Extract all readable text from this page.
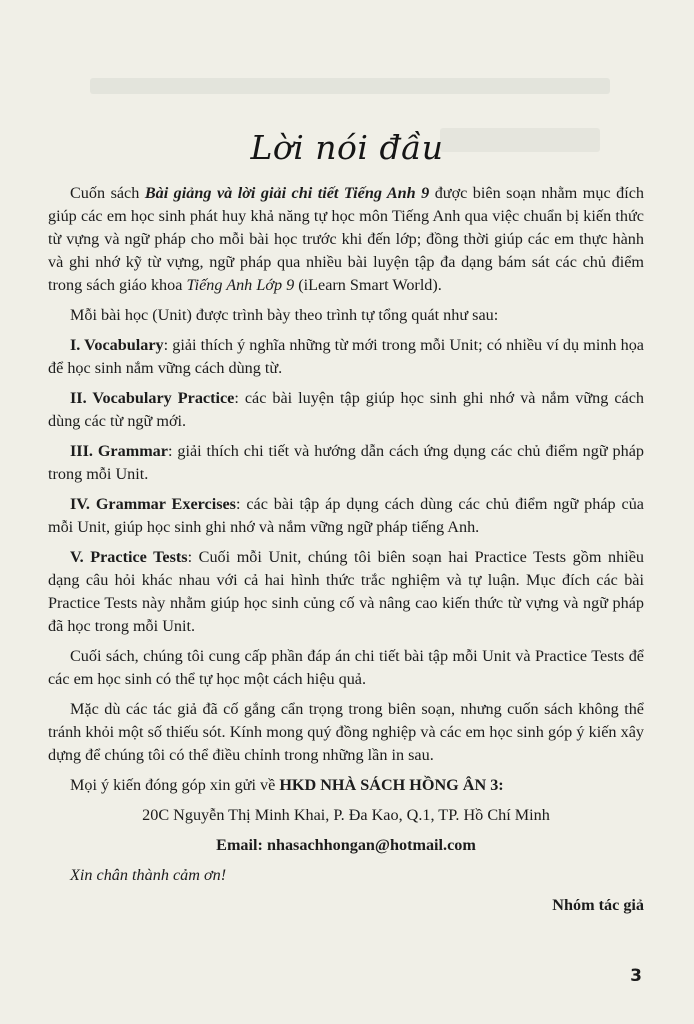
Lời nói đầu

Cuốn sách Bài giảng và lời giải chi tiết Tiếng Anh 9 được biên soạn nhằm mục đích giúp các em học sinh phát huy khả năng tự học môn Tiếng Anh qua việc chuẩn bị kiến thức từ vựng và ngữ pháp cho mỗi bài học trước khi đến lớp; đồng thời giúp các em thực hành và ghi nhớ kỹ từ vựng, ngữ pháp qua nhiều bài luyện tập đa dạng bám sát các chủ điểm trong sách giáo khoa Tiếng Anh Lớp 9 (iLearn Smart World).

Mỗi bài học (Unit) được trình bày theo trình tự tổng quát như sau:

I. Vocabulary: giải thích ý nghĩa những từ mới trong mỗi Unit; có nhiều ví dụ minh họa để học sinh nắm vững cách dùng từ.

II. Vocabulary Practice: các bài luyện tập giúp học sinh ghi nhớ và nắm vững cách dùng các từ ngữ mới.

III. Grammar: giải thích chi tiết và hướng dẫn cách ứng dụng các chủ điểm ngữ pháp trong mỗi Unit.

IV. Grammar Exercises: các bài tập áp dụng cách dùng các chủ điểm ngữ pháp của mỗi Unit, giúp học sinh ghi nhớ và nắm vững ngữ pháp tiếng Anh.

V. Practice Tests: Cuối mỗi Unit, chúng tôi biên soạn hai Practice Tests gồm nhiều dạng câu hỏi khác nhau với cả hai hình thức trắc nghiệm và tự luận. Mục đích các bài Practice Tests này nhằm giúp học sinh củng cố và nâng cao kiến thức từ vựng và ngữ pháp đã học trong mỗi Unit.

Cuối sách, chúng tôi cung cấp phần đáp án chi tiết bài tập mỗi Unit và Practice Tests để các em học sinh có thể tự học một cách hiệu quả.

Mặc dù các tác giả đã cố gắng cẩn trọng trong biên soạn, nhưng cuốn sách không thể tránh khỏi một số thiếu sót. Kính mong quý đồng nghiệp và các em học sinh góp ý kiến xây dựng để chúng tôi có thể điều chỉnh trong những lần in sau.

Mọi ý kiến đóng góp xin gửi về HKD NHÀ SÁCH HỒNG ÂN 3:

20C Nguyễn Thị Minh Khai, P. Đa Kao, Q.1, TP. Hồ Chí Minh
Email: nhasachhongan@hotmail.com

Xin chân thành cảm ơn!

Nhóm tác giả
3
